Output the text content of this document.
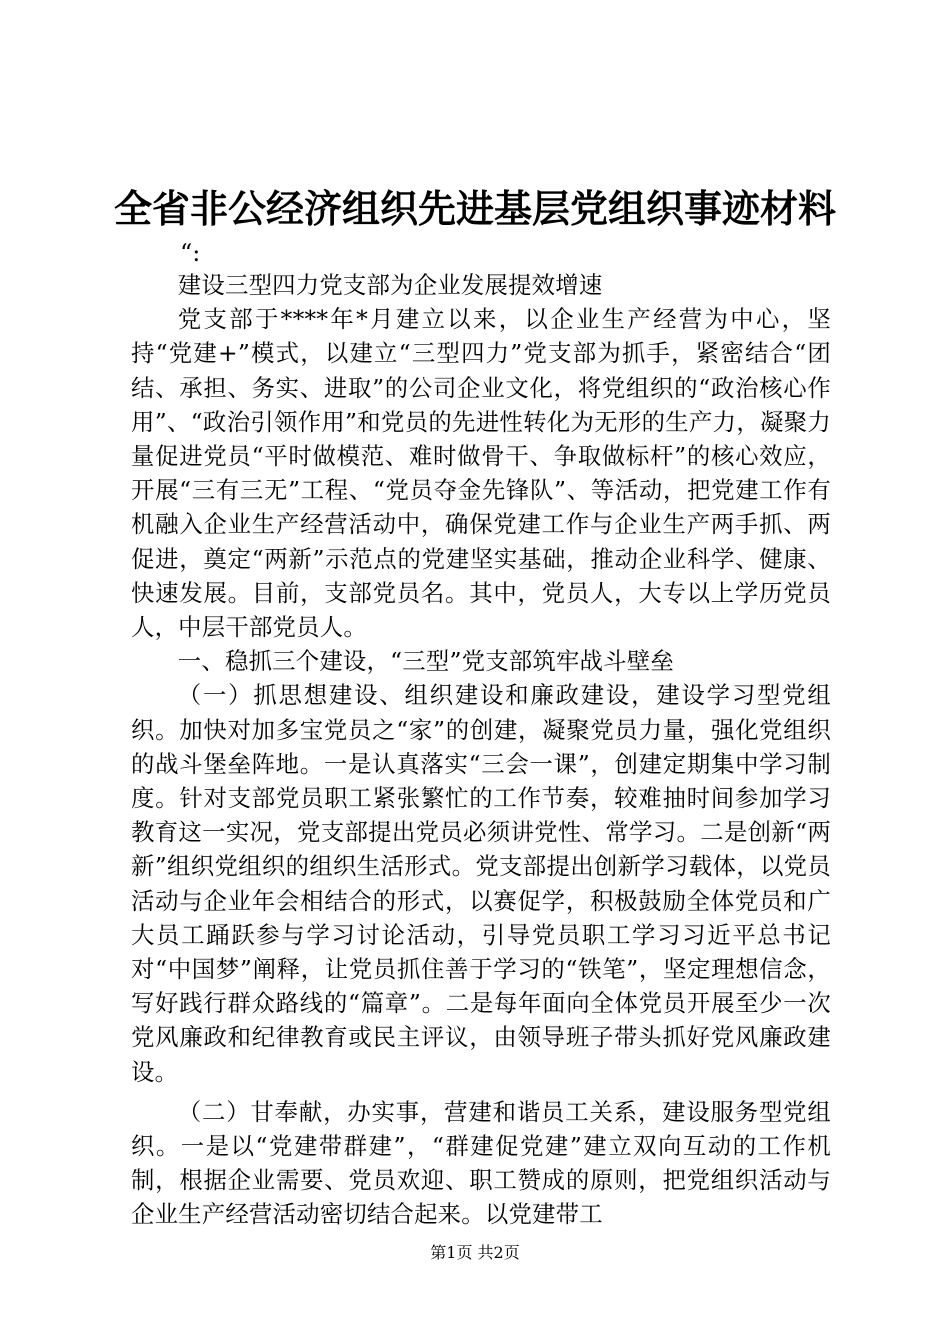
全省非公经济组织先进基层党组织事迹材料
“:

建设三型四力党支部为企业发展提效增速

党支部于****年*月建立以来，以企业生产经营为中心，坚持“党建+”模式，以建立“三型四力”党支部为抓手，紧密结合“团结、承担、务实、进取”的公司企业文化，将党组织的“政治核心作用”、“政治引领作用”和党员的先进性转化为无形的生产力，凝聚力量促进党员“平时做模范、难时做骨干、争取做标杆”的核心效应，开展“三有三无”工程、“党员夺金先锋队”、等活动，把党建工作有机融入企业生产经营活动中，确保党建工作与企业生产两手抓、两促进，奠定“两新”示范点的党建坚实基础，推动企业科学、健康、快速发展。目前，支部党员名。其中，党员人，大专以上学历党员人，中层干部党员人。

一、稳抓三个建设，“三型”党支部筑牢战斗壁垒

（一）抓思想建设、组织建设和廉政建设，建设学习型党组织。加快对加多宝党员之“家”的创建，凝聚党员力量，强化党组织的战斗堡垒阵地。一是认真落实“三会一课”，创建定期集中学习制度。针对支部党员职工紧张繁忙的工作节奏，较难抽时间参加学习教育这一实况，党支部提出党员必须讲党性、常学习。二是创新“两新”组织党组织的组织生活形式。党支部提出创新学习载体，以党员活动与企业年会相结合的形式，以赛促学，积极鼓励全体党员和广大员工踊跃参与学习讨论活动，引导党员职工学习习近平总书记对“中国梦”阐释，让党员抓住善于学习的“铁笔”，坚定理想信念，写好践行群众路线的“篇章”。二是每年面向全体党员开展至少一次党风廉政和纪律教育或民主评议，由领导班子带头抓好党风廉政建设。

（二）甘奉献，办实事，营建和谐员工关系，建设服务型党组织。一是以“党建带群建”，“群建促党建”建立双向互动的工作机制，根据企业需要、党员欢迎、职工赞成的原则，把党组织活动与企业生产经营活动密切结合起来。以党建带工

第1页 共2页
